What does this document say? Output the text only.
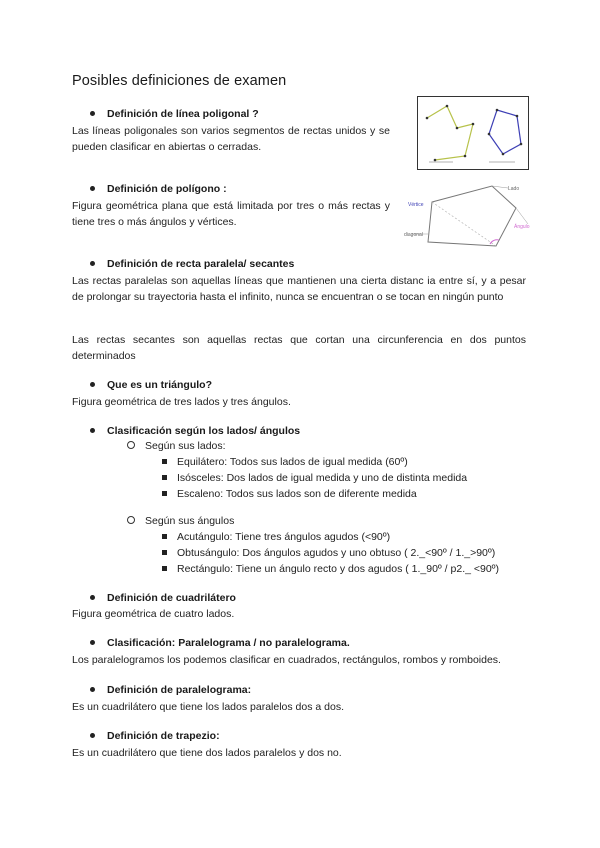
Posibles definiciones de examen
Definición de línea poligonal ?
Las líneas poligonales son varios segmentos de rectas unidos y se pueden clasificar en abiertas o cerradas.
Definición de polígono :
Figura geométrica plana que está limitada por tres o más rectas y tiene tres o más ángulos y vértices.
Lado
Vértice
Ángulo
diagonal
Definición de recta paralela/ secantes
Las rectas paralelas son aquellas líneas que mantienen una cierta distanc ia entre sí, y a pesar de prolongar su trayectoria hasta el infinito, nunca se encuentran o se tocan en ningún punto
Las rectas secantes son aquellas rectas que cortan una circunferencia en dos puntos determinados
Que es un triángulo?
Figura geométrica de tres lados y tres ángulos.
Clasificación según los lados/ ángulos
Según sus lados:
Equilátero: Todos sus lados de igual medida (60º)
Isósceles: Dos lados de igual medida y uno de distinta medida
Escaleno: Todos sus lados son de diferente medida
Según sus ángulos
Acutángulo: Tiene tres ángulos agudos (<90º)
Obtusángulo: Dos ángulos agudos y uno obtuso ( 2._<90º / 1._>90º)
Rectángulo: Tiene un ángulo recto y dos agudos ( 1._90º / p2._ <90º)
Definición de cuadrilátero
Figura geométrica de cuatro lados.
Clasificación: Paralelograma / no paralelograma.
Los paralelogramos los podemos clasificar en cuadrados, rectángulos, rombos y romboides.
Definición de paralelograma:
Es un cuadrilátero que tiene los lados paralelos dos a dos.
Definición de trapezio:
Es un cuadrilátero que tiene dos lados paralelos y dos no.
